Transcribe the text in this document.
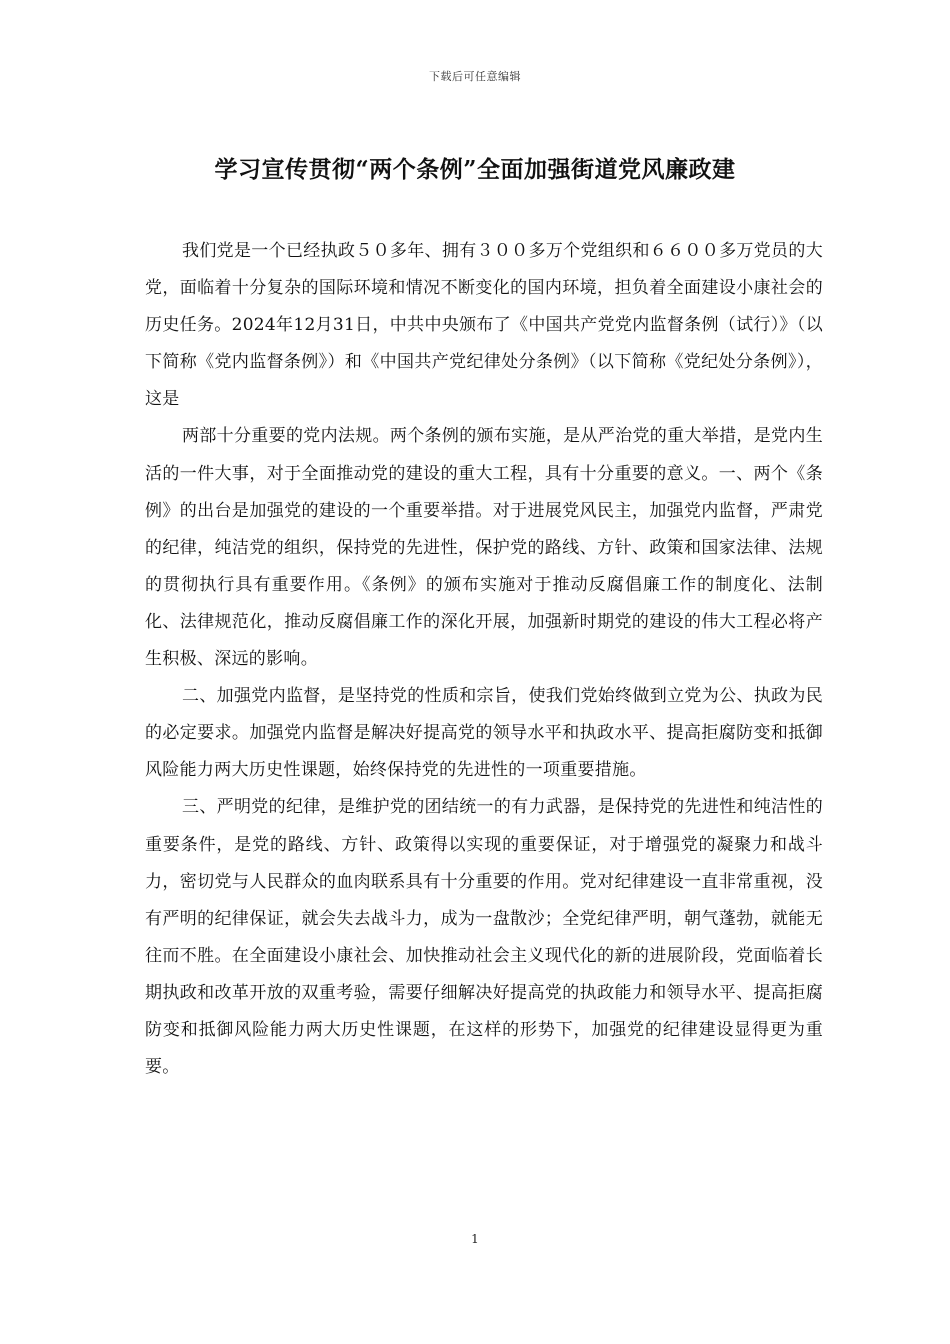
下载后可任意编辑
学习宣传贯彻“两个条例”全面加强街道党风廉政建

我们党是一个已经执政５０多年、拥有３００多万个党组织和６６００多万党员的大党，面临着十分复杂的国际环境和情况不断变化的国内环境，担负着全面建设小康社会的历史任务。2024年12月31日，中共中央颁布了《中国共产党党内监督条例（试行）》（以下简称《党内监督条例》）和《中国共产党纪律处分条例》（以下简称《党纪处分条例》），这是

两部十分重要的党内法规。两个条例的颁布实施，是从严治党的重大举措，是党内生活的一件大事，对于全面推动党的建设的重大工程，具有十分重要的意义。一、两个《条例》的出台是加强党的建设的一个重要举措。对于进展党风民主，加强党内监督，严肃党的纪律，纯洁党的组织，保持党的先进性，保护党的路线、方针、政策和国家法律、法规的贯彻执行具有重要作用。《条例》的颁布实施对于推动反腐倡廉工作的制度化、法制化、法律规范化，推动反腐倡廉工作的深化开展，加强新时期党的建设的伟大工程必将产生积极、深远的影响。

二、加强党内监督，是坚持党的性质和宗旨，使我们党始终做到立党为公、执政为民的必定要求。加强党内监督是解决好提高党的领导水平和执政水平、提高拒腐防变和抵御风险能力两大历史性课题，始终保持党的先进性的一项重要措施。

三、严明党的纪律，是维护党的团结统一的有力武器，是保持党的先进性和纯洁性的重要条件，是党的路线、方针、政策得以实现的重要保证，对于增强党的凝聚力和战斗力，密切党与人民群众的血肉联系具有十分重要的作用。党对纪律建设一直非常重视，没有严明的纪律保证，就会失去战斗力，成为一盘散沙；全党纪律严明，朝气蓬勃，就能无往而不胜。在全面建设小康社会、加快推动社会主义现代化的新的进展阶段，党面临着长期执政和改革开放的双重考验，需要仔细解决好提高党的执政能力和领导水平、提高拒腐防变和抵御风险能力两大历史性课题，在这样的形势下，加强党的纪律建设显得更为重要。

1
